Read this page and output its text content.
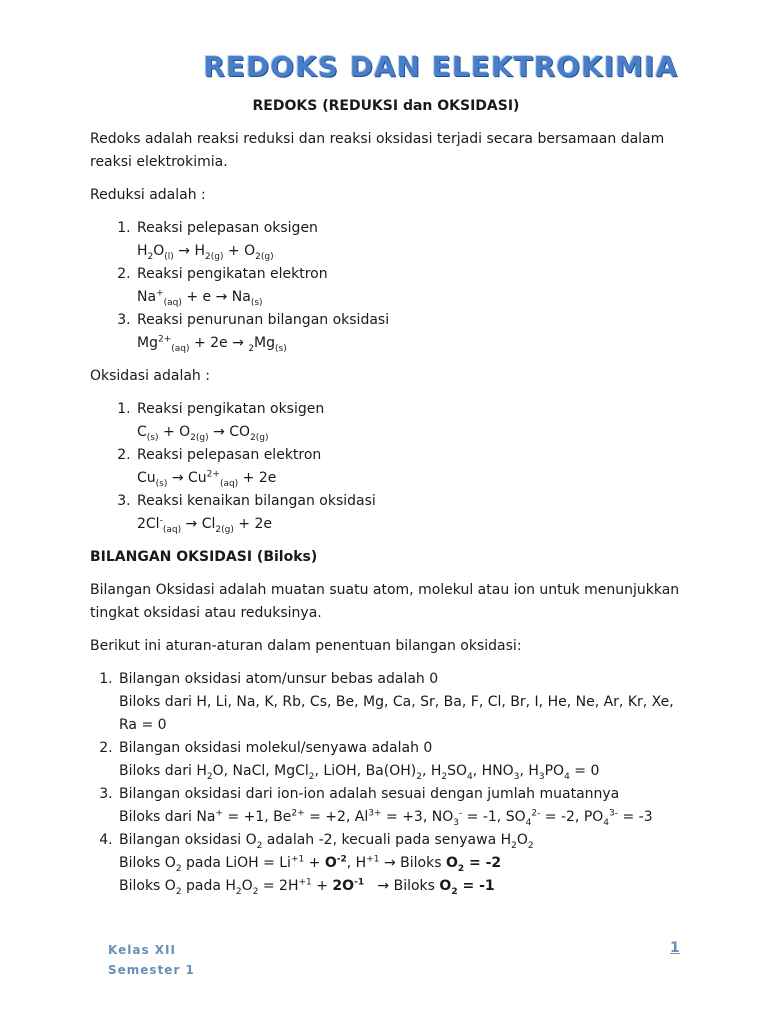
REDOKS DAN ELEKTROKIMIA
REDOKS (REDUKSI dan OKSIDASI)

Redoks adalah reaksi reduksi dan reaksi oksidasi terjadi secara bersamaan dalam reaksi elektrokimia.

Reduksi adalah :

1. Reaksi pelepasan oksigen
$H_2O_{(l)} \to H_{2(g)} + O_{2(g)}$
2. Reaksi pengikatan elektron
$Na^+_{(aq)} + e \to Na_{(s)}$
3. Reaksi penurunan bilangan oksidasi
$Mg^{2+}_{(aq)} + 2e \to _2Mg_{(s)}$

Oksidasi adalah :

1. Reaksi pengikatan oksigen
$C_{(s)} + O_{2(g)} \to CO_{2(g)}$
2. Reaksi pelepasan elektron
$Cu_{(s)} \to Cu^{2+}_{(aq)} + 2e$
3. Reaksi kenaikan bilangan oksidasi
$2Cl^-_{(aq)} \to Cl_{2(g)} + 2e$
BILANGAN OKSIDASI (Biloks)

Bilangan Oksidasi adalah muatan suatu atom, molekul atau ion untuk menunjukkan tingkat oksidasi atau reduksinya.

Berikut ini aturan-aturan dalam penentuan bilangan oksidasi:

1. Bilangan oksidasi atom/unsur bebas adalah 0
Biloks dari H, Li, Na, K, Rb, Cs, Be, Mg, Ca, Sr, Ba, F, Cl, Br, I, He, Ne, Ar, Kr, Xe, Ra = 0
2. Bilangan oksidasi molekul/senyawa adalah 0
Biloks dari $H_2O$, NaCl, MgCl$_2$, LiOH, $Ba(OH)_2$, $H_2SO_4$, $HNO_3$, $H_3PO_4 = 0$
3. Bilangan oksidasi dari ion-ion adalah sesuai dengan jumlah muatannya
Biloks dari Na+ = +1, $Be^{2+} = +2$, $Al^{3+} = +3$, $NO_3^- = -1$, $SO_4^{2-} = -2$, $PO_4^{3-} = -3$
4. Bilangan oksidasi $O_2$ adalah -2, kecuali pada senyawa $H_2O_2$
Biloks $O_2$ pada LiOH = $Li^{+1} + O^{-2}$, $H^{+1}$ → Biloks $O_2 = -2$
Biloks $O_2$ pada $H_2O_2 = 2H^{+1} + 2O^{-1}$   → Biloks $O_2 = -1$
Kelas XII
Semester 1
1
